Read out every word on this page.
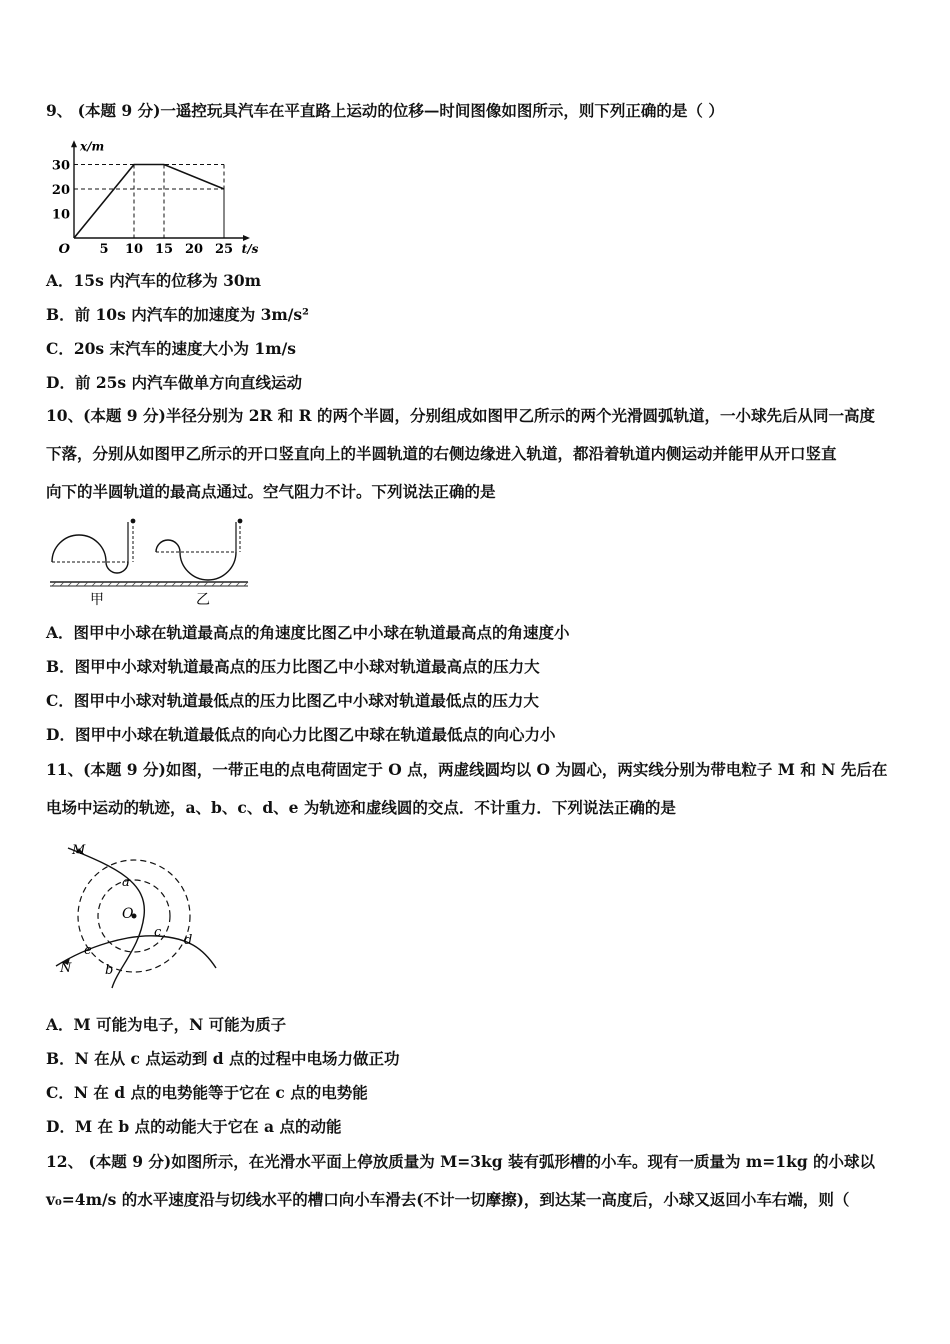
9、 (本题 9 分)一遥控玩具汽车在平直路上运动的位移—时间图像如图所示，则下列正确的是（ ）
5 10 15 20 25
10
20
30
O	t/s
x/m
A．15s 内汽车的位移为 30m
B．前 10s 内汽车的加速度为 3m/s²
C．20s 末汽车的速度大小为 1m/s
D．前 25s 内汽车做单方向直线运动
10、(本题 9 分)半径分别为 2R 和 R 的两个半圆，分别组成如图甲乙所示的两个光滑圆弧轨道，一小球先后从同一高度
下落，分别从如图甲乙所示的开口竖直向上的半圆轨道的右侧边缘进入轨道，都沿着轨道内侧运动并能甲从开口竖直
向下的半圆轨道的最高点通过。空气阻力不计。下列说法正确的是
甲	乙
A．图甲中小球在轨道最高点的角速度比图乙中小球在轨道最高点的角速度小
B．图甲中小球对轨道最高点的压力比图乙中小球对轨道最高点的压力大
C．图甲中小球对轨道最低点的压力比图乙中小球对轨道最低点的压力大
D．图甲中小球在轨道最低点的向心力比图乙中球在轨道最低点的向心力小
11、(本题 9 分)如图，一带正电的点电荷固定于 O 点，两虚线圆均以 O 为圆心，两实线分别为带电粒子 M 和 N 先后在
电场中运动的轨迹，a、b、c、d、e 为轨迹和虚线圆的交点．不计重力．下列说法正确的是
M
N
O
a
b
c
d
e
A．M 可能为电子，N 可能为质子
B．N 在从 c 点运动到 d 点的过程中电场力做正功
C．N 在 d 点的电势能等于它在 c 点的电势能
D．M 在 b 点的动能大于它在 a 点的动能
12、 (本题 9 分)如图所示，在光滑水平面上停放质量为 M=3kg 装有弧形槽的小车。现有一质量为 m=1kg 的小球以
v₀=4m/s 的水平速度沿与切线水平的槽口向小车滑去(不计一切摩擦)，到达某一高度后，小球又返回小车右端，则（
